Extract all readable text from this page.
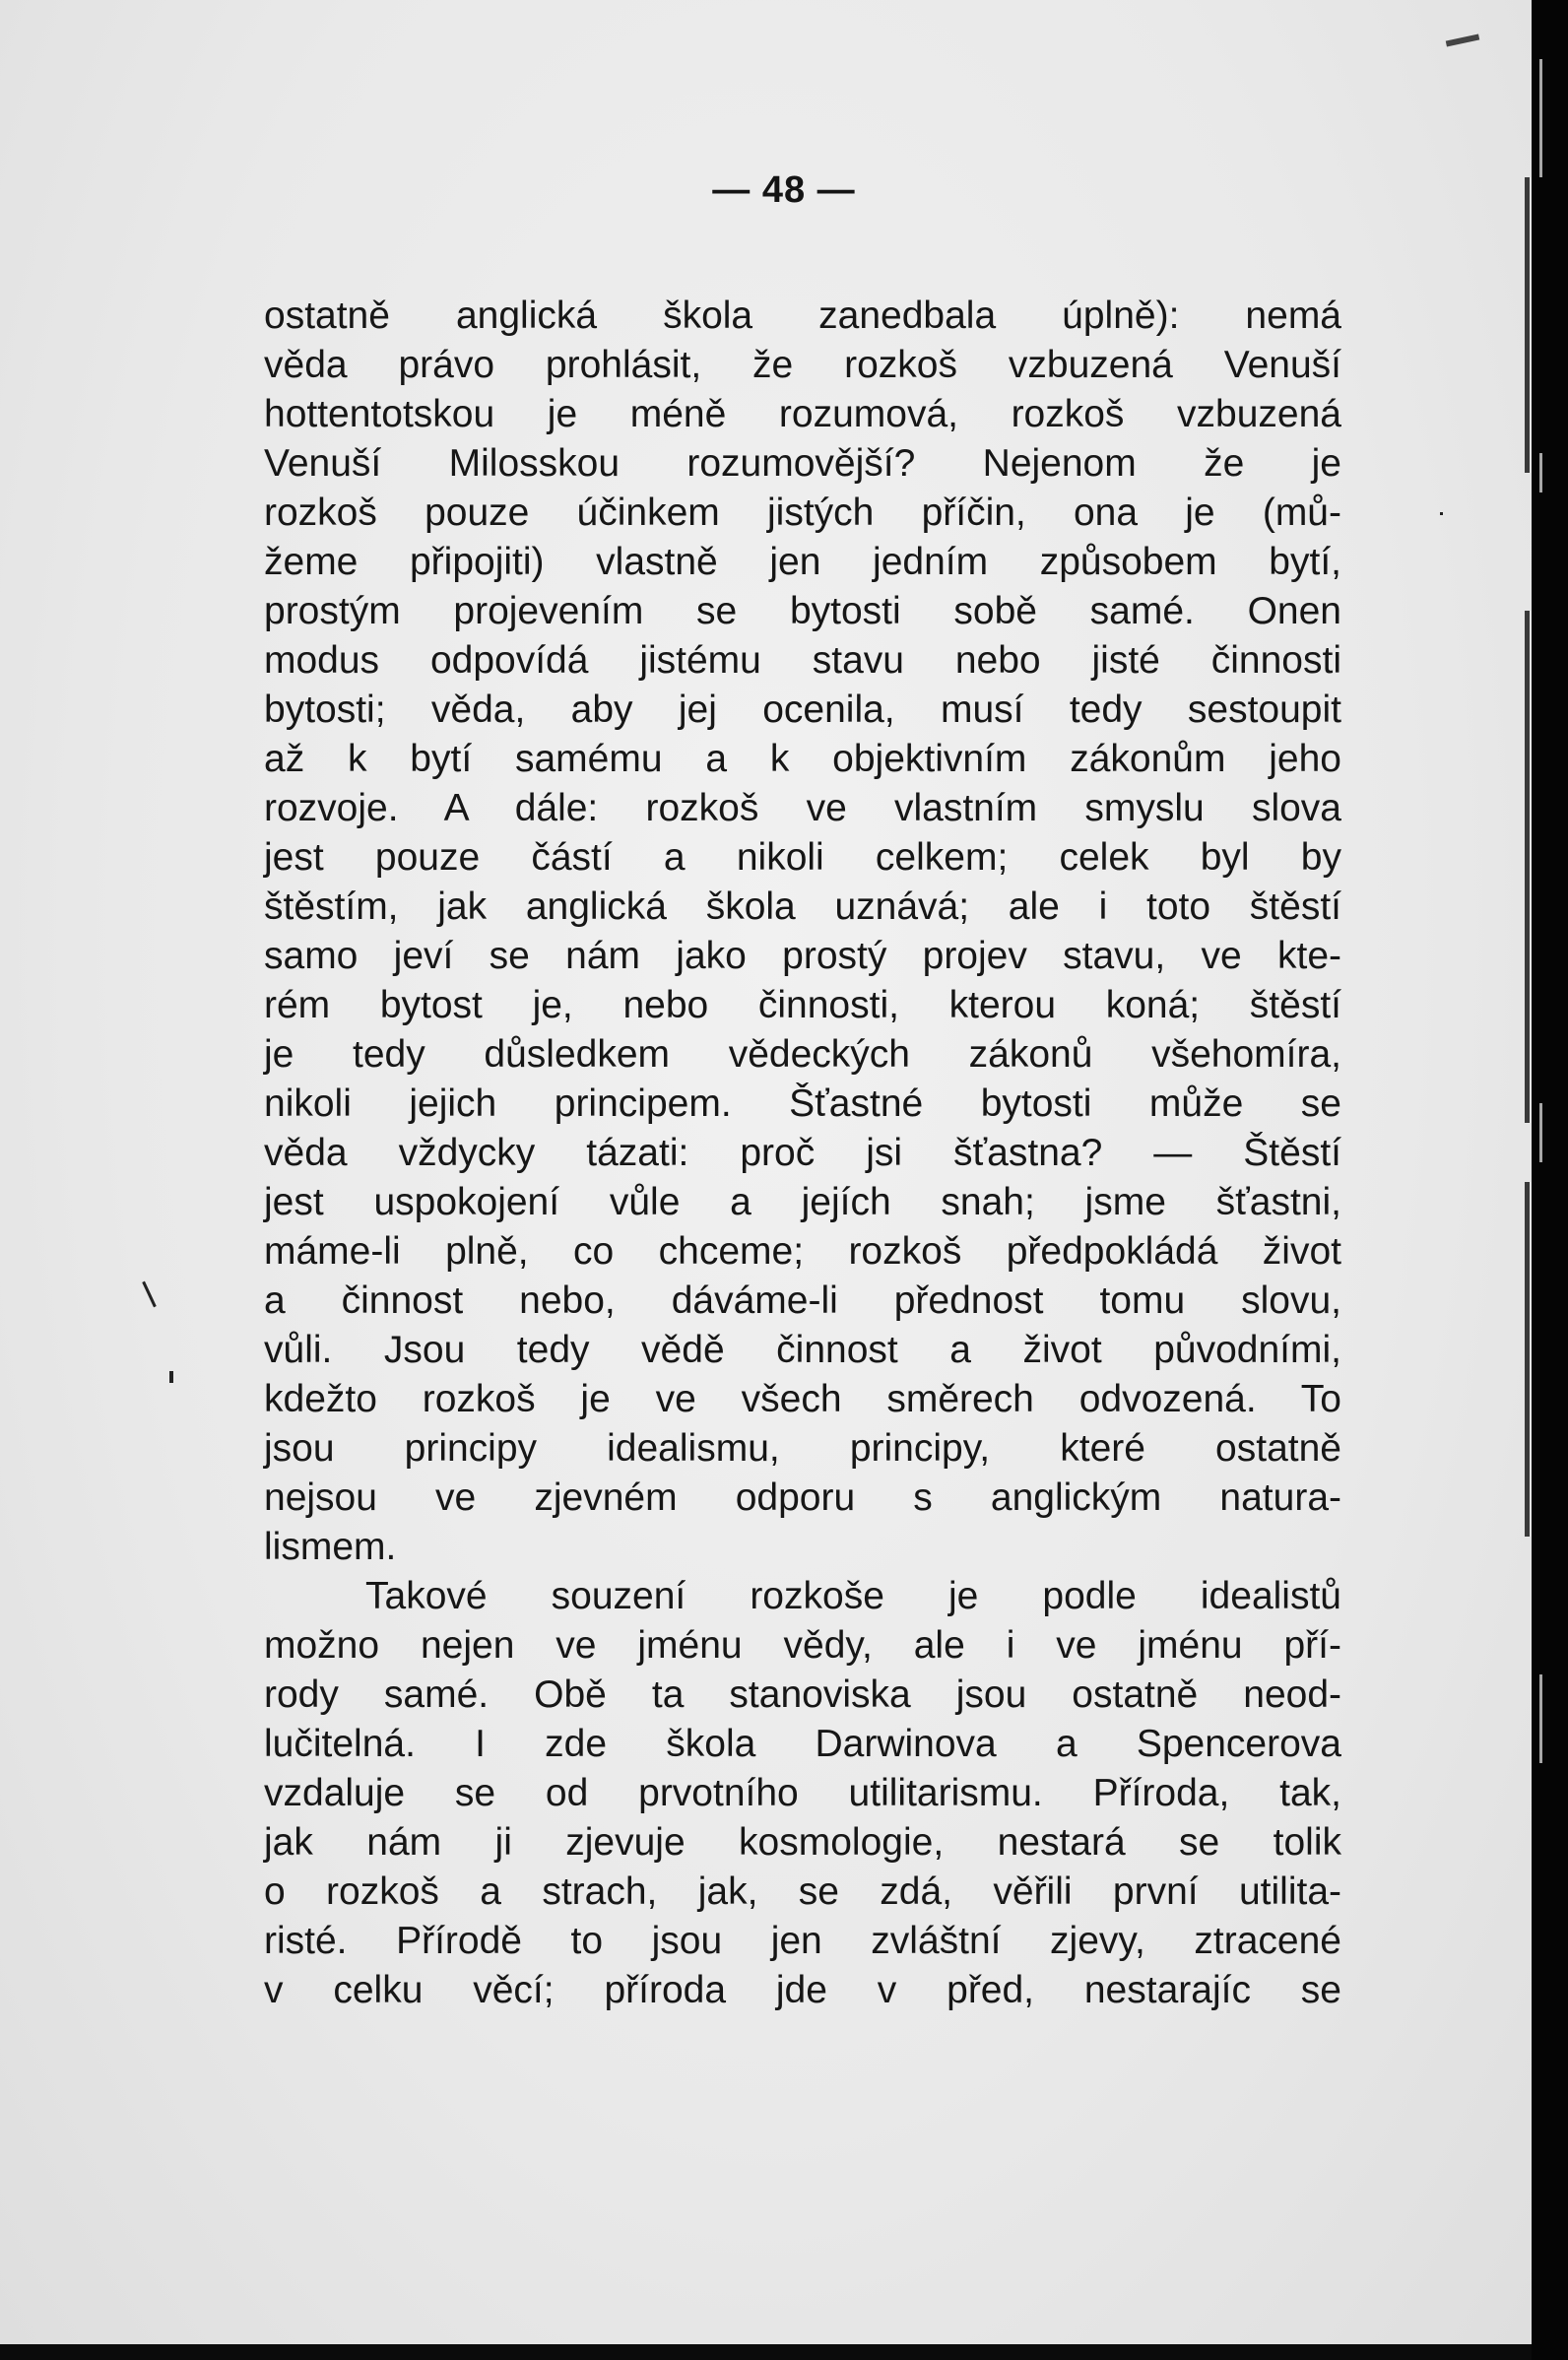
— 48 —
ostatně anglická škola zanedbala úplně): nemá
věda právo prohlásit, že rozkoš vzbuzená Venuší
hottentotskou je méně rozumová, rozkoš vzbuzená
Venuší Milosskou rozumovější? Nejenom že je
rozkoš pouze účinkem jistých příčin, ona je (mů-
žeme připojiti) vlastně jen jedním způsobem bytí,
prostým projevením se bytosti sobě samé. Onen
modus odpovídá jistému stavu nebo jisté činnosti
bytosti; věda, aby jej ocenila, musí tedy sestoupit
až k bytí samému a k objektivním zákonům jeho
rozvoje. A dále: rozkoš ve vlastním smyslu slova
jest pouze částí a nikoli celkem; celek byl by
štěstím, jak anglická škola uznává; ale i toto štěstí
samo jeví se nám jako prostý projev stavu, ve kte-
rém bytost je, nebo činnosti, kterou koná; štěstí
je tedy důsledkem vědeckých zákonů všehomíra,
nikoli jejich principem. Šťastné bytosti může se
věda vždycky tázati: proč jsi šťastna? — Štěstí
jest uspokojení vůle a jejích snah; jsme šťastni,
máme-li plně, co chceme; rozkoš předpokládá život
a činnost nebo, dáváme-li přednost tomu slovu,
vůli. Jsou tedy vědě činnost a život původními,
kdežto rozkoš je ve všech směrech odvozená. To
jsou principy idealismu, principy, které ostatně
nejsou ve zjevném odporu s anglickým natura-
lismem.
Takové souzení rozkoše je podle idealistů
možno nejen ve jménu vědy, ale i ve jménu pří-
rody samé. Obě ta stanoviska jsou ostatně neod-
lučitelná. I zde škola Darwinova a Spencerova
vzdaluje se od prvotního utilitarismu. Příroda, tak,
jak nám ji zjevuje kosmologie, nestará se tolik
o rozkoš a strach, jak, se zdá, věřili první utilita-
risté. Přírodě to jsou jen zvláštní zjevy, ztracené
v celku věcí; příroda jde v před, nestarajíc se
